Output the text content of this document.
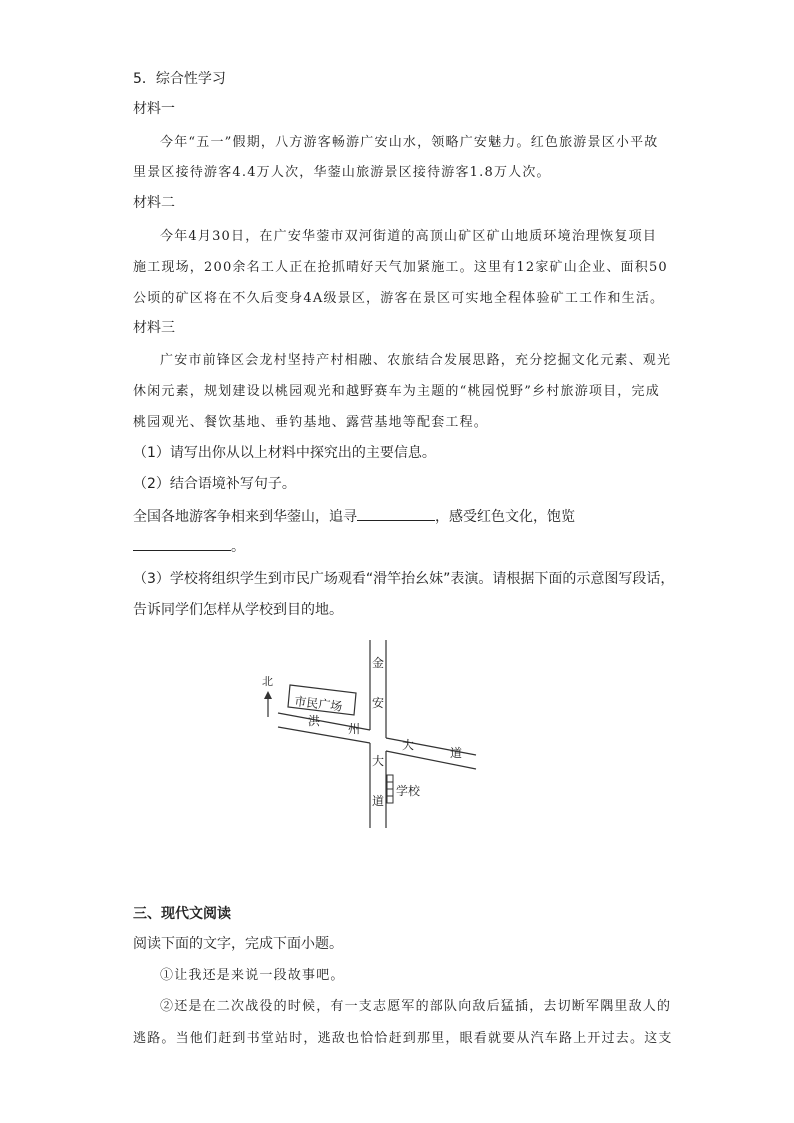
5．综合性学习
材料一
今年“五一”假期，八方游客畅游广安山水，领略广安魅力。红色旅游景区小平故
里景区接待游客4.4万人次，华蓥山旅游景区接待游客1.8万人次。
材料二
今年4月30日，在广安华蓥市双河街道的高顶山矿区矿山地质环境治理恢复项目
施工现场，200余名工人正在抢抓晴好天气加紧施工。这里有12家矿山企业、面积50
公顷的矿区将在不久后变身4A级景区，游客在景区可实地全程体验矿工工作和生活。
材料三
广安市前锋区会龙村坚持产村相融、农旅结合发展思路，充分挖掘文化元素、观光
休闲元素，规划建设以桃园观光和越野赛车为主题的“桃园悦野”乡村旅游项目，完成
桃园观光、餐饮基地、垂钓基地、露营基地等配套工程。
（1）请写出你从以上材料中探究出的主要信息。
（2）结合语境补写句子。
全国各地游客争相来到华蓥山，追寻	，感受红色文化，饱览
。
（3）学校将组织学生到市民广场观看“滑竿抬幺妹”表演。请根据下面的示意图写段话，
告诉同学们怎样从学校到目的地。
市民广场
北
金
安
大
道
洪
州
大
道
学校
三、现代文阅读
阅读下面的文字，完成下面小题。
①让我还是来说一段故事吧。
②还是在二次战役的时候，有一支志愿军的部队向敌后猛插，去切断军隅里敌人的
逃路。当他们赶到书堂站时，逃敌也恰恰赶到那里，眼看就要从汽车路上开过去。这支
